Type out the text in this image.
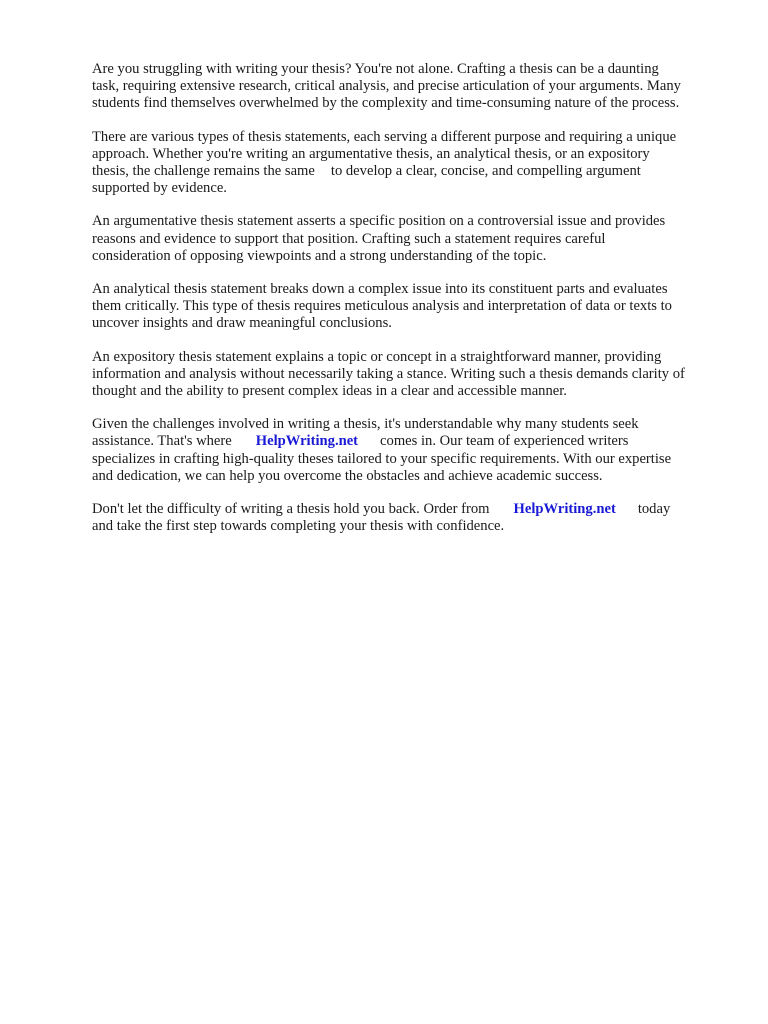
Are you struggling with writing your thesis? You're not alone. Crafting a thesis can be a daunting
task, requiring extensive research, critical analysis, and precise articulation of your arguments. Many
students find themselves overwhelmed by the complexity and time-consuming nature of the process.

There are various types of thesis statements, each serving a different purpose and requiring a unique
approach. Whether you're writing an argumentative thesis, an analytical thesis, or an expository
thesis, the challenge remains the same to develop a clear, concise, and compelling argument
supported by evidence.

An argumentative thesis statement asserts a specific position on a controversial issue and provides
reasons and evidence to support that position. Crafting such a statement requires careful
consideration of opposing viewpoints and a strong understanding of the topic.

An analytical thesis statement breaks down a complex issue into its constituent parts and evaluates
them critically. This type of thesis requires meticulous analysis and interpretation of data or texts to
uncover insights and draw meaningful conclusions.

An expository thesis statement explains a topic or concept in a straightforward manner, providing
information and analysis without necessarily taking a stance. Writing such a thesis demands clarity of
thought and the ability to present complex ideas in a clear and accessible manner.

Given the challenges involved in writing a thesis, it's understandable why many students seek
assistance. That's where HelpWriting.net comes in. Our team of experienced writers
specializes in crafting high-quality theses tailored to your specific requirements. With our expertise
and dedication, we can help you overcome the obstacles and achieve academic success.

Don't let the difficulty of writing a thesis hold you back. Order from HelpWriting.net today
and take the first step towards completing your thesis with confidence.
